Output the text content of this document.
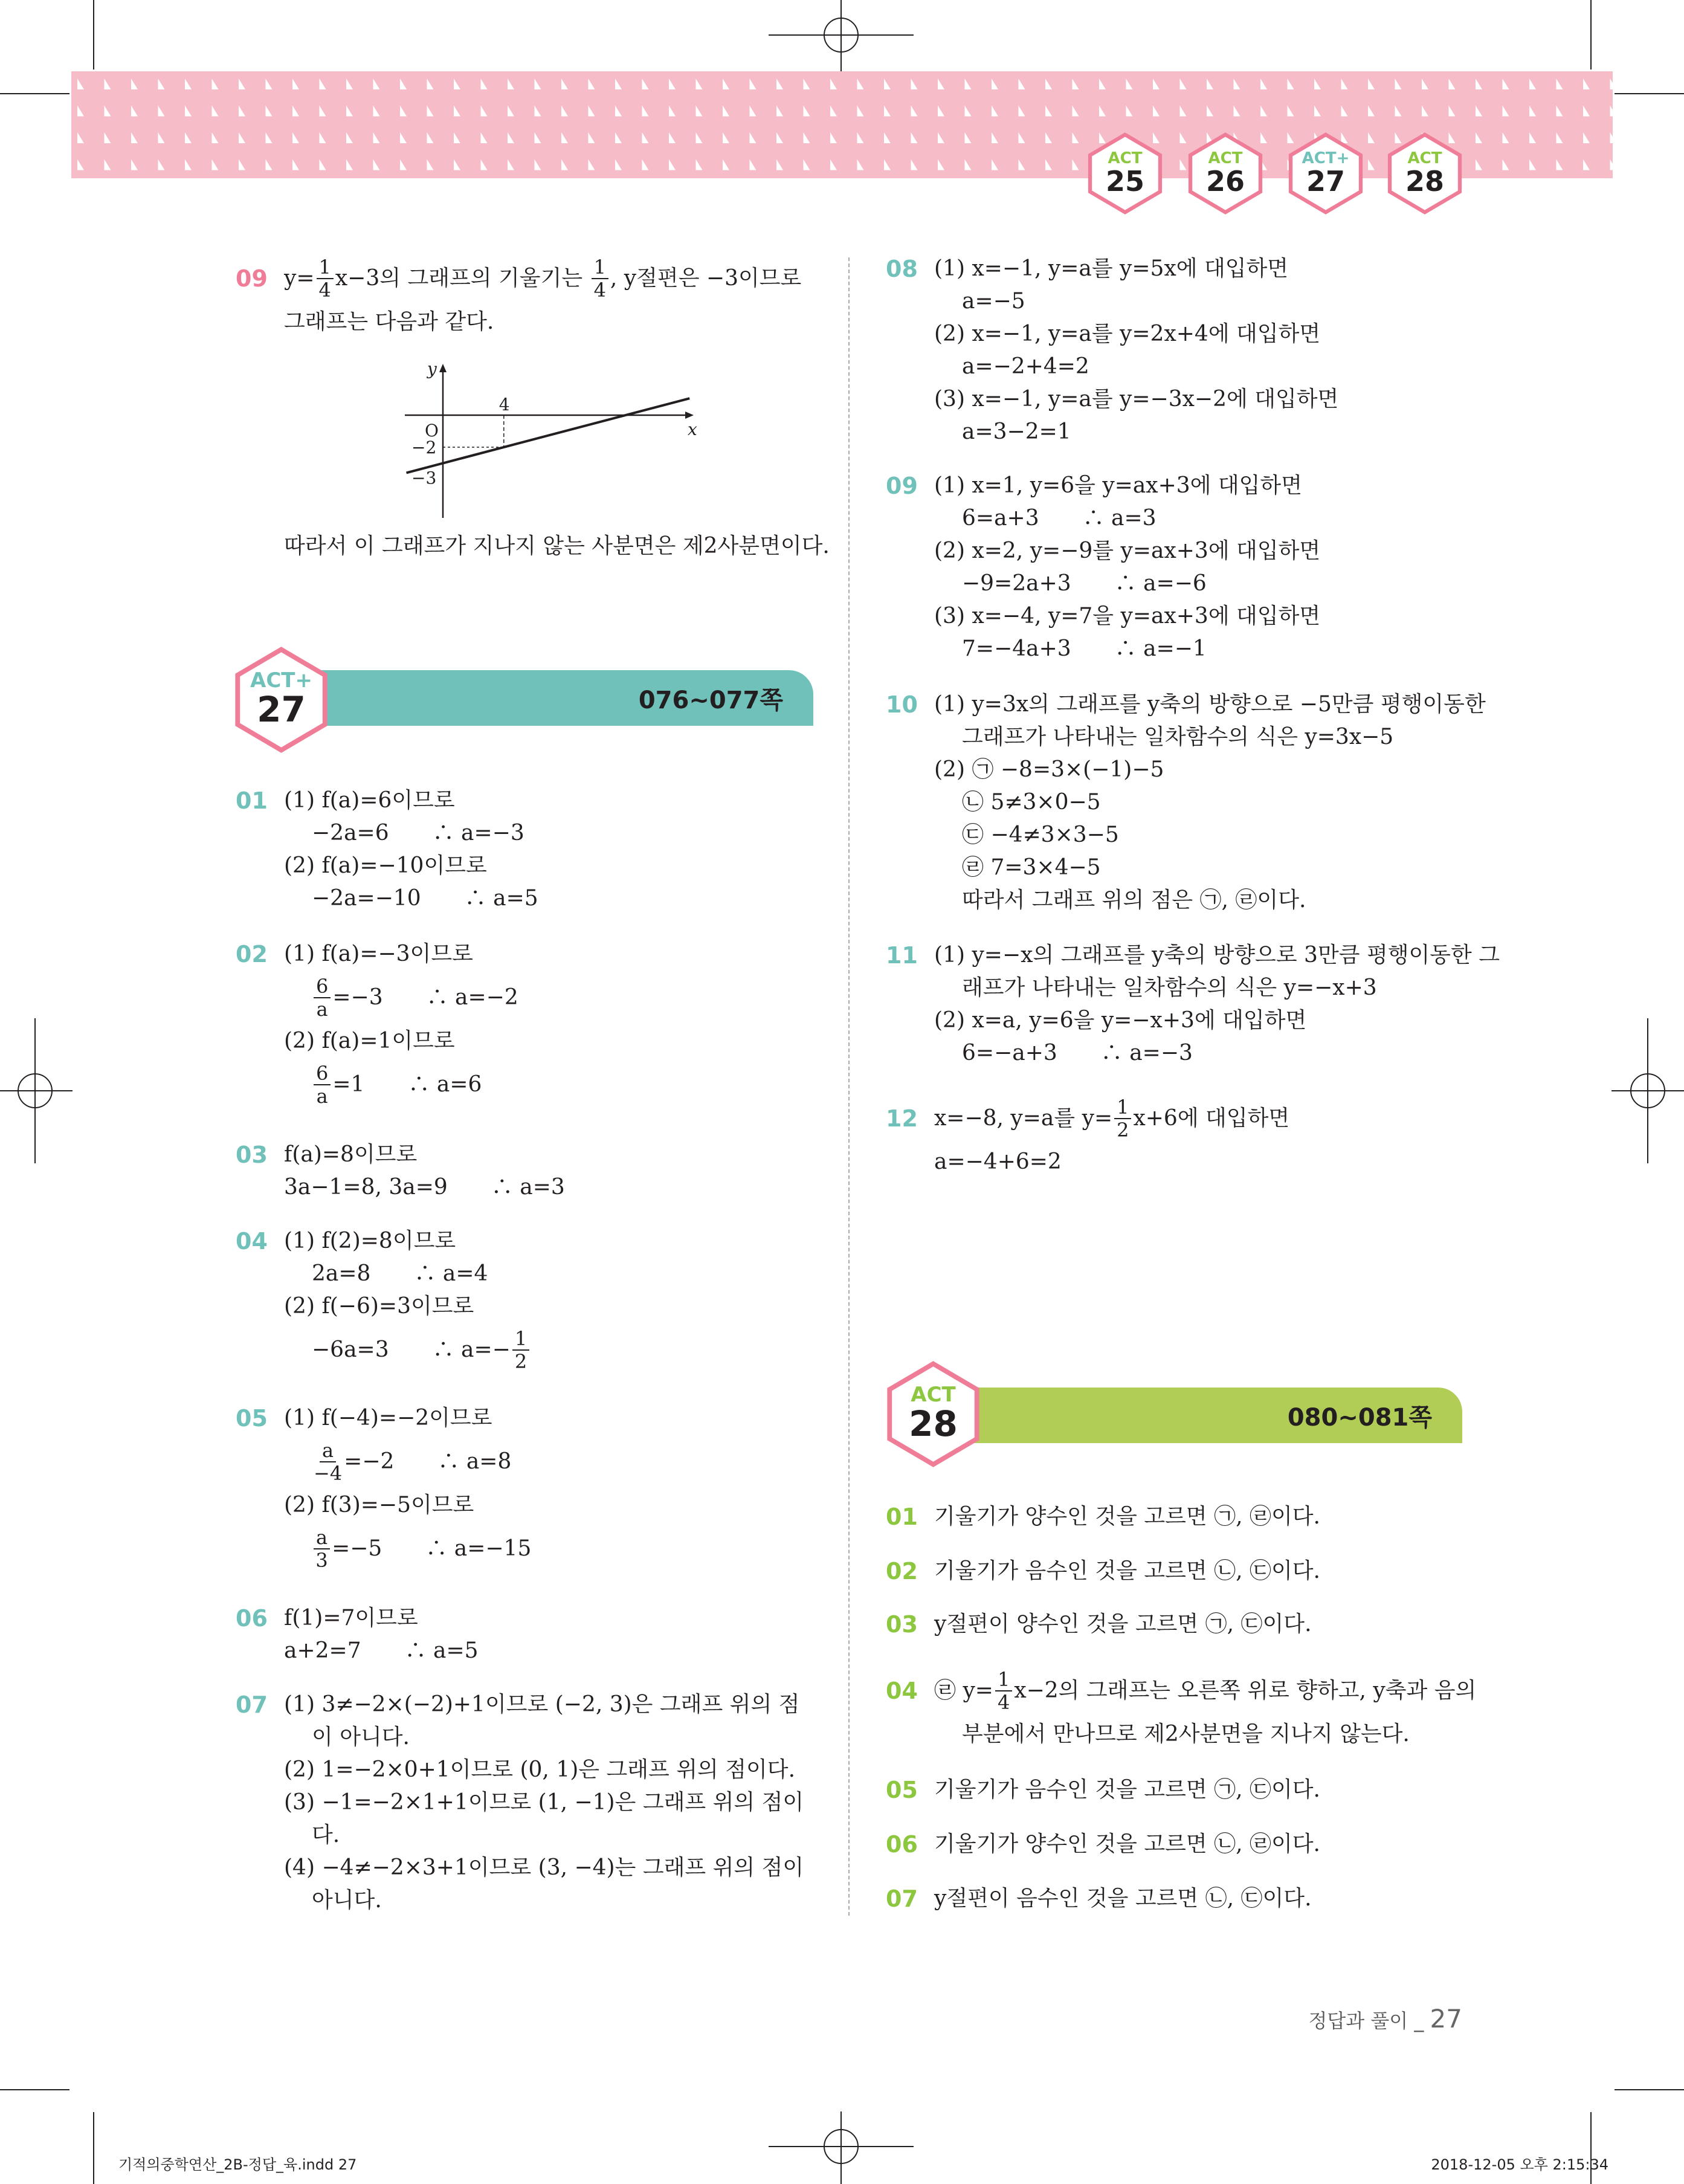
ACT
25
ACT
26
ACT+
27
ACT
28
09 $y= \frac{1}{4} x-3$의 그래프의 기울기는 $\frac{1}{4}$ , y절편은 −3이므로
그래프는 다음과 같다.
y
x
O
4
−2
−3
따라서 이 그래프가 지나지 않는 사분면은 제2사분면이다.
ACT+
27	076~077쪽
01 (1) f(a)=6이므로
−2a=6　　∴ a=−3
(2) f(a)=−10이므로
−2a=−10　　∴ a=5
02 (1) f(a)=−3이므로
$\frac{6}{a} =-3$　　∴ a=−2
(2) f(a)=1이므로
$\frac{6}{a} =1$　　∴ a=6
03 f(a)=8이므로
3a−1=8, 3a=9　　∴ a=3
04 (1) f(2)=8이므로
2a=8　　∴ a=4
(2) f(−6)=3이므로
−6a=3　　∴ $a=- \frac{1}{2}$
05 (1) f(−4)=−2이므로
$\frac{a}{-4} =-2$　　∴ a=8
(2) f(3)=−5이므로
$\frac{a}{3} =-5$　　∴ a=−15
06 f(1)=7이므로
a+2=7　　∴ a=5
07 (1) 3≠−2×(−2)+1이므로 (−2, 3)은 그래프 위의 점
이 아니다.
(2) 1=−2×0+1이므로 (0, 1)은 그래프 위의 점이다.
(3) −1=−2×1+1이므로 (1, −1)은 그래프 위의 점이
다.
(4) −4≠−2×3+1이므로 (3, −4)는 그래프 위의 점이
아니다.
08 (1) x=−1, y=a를 y=5x에 대입하면
a=−5
(2) x=−1, y=a를 y=2x+4에 대입하면
a=−2+4=2
(3) x=−1, y=a를 y=−3x−2에 대입하면
a=3−2=1
09 (1) x=1, y=6을 y=ax+3에 대입하면
6=a+3　　∴ a=3
(2) x=2, y=−9를 y=ax+3에 대입하면
−9=2a+3　　∴ a=−6
(3) x=−4, y=7을 y=ax+3에 대입하면
7=−4a+3　　∴ a=−1
10 (1) y=3x의 그래프를 y축의 방향으로 −5만큼 평행이동한
그래프가 나타내는 일차함수의 식은 y=3x−5
(2) ㉠ −8=3×(−1)−5
㉡ 5≠3×0−5
㉢ −4≠3×3−5
㉣ 7=3×4−5
따라서 그래프 위의 점은 ㉠, ㉣이다.
11 (1) y=−x의 그래프를 y축의 방향으로 3만큼 평행이동한 그
래프가 나타내는 일차함수의 식은 y=−x+3
(2) x=a, y=6을 y=−x+3에 대입하면
6=−a+3　　∴ a=−3
12 x=−8, y=a를 $y= \frac{1}{2} x+6$에 대입하면
a=−4+6=2
ACT
28	080~081쪽
01 기울기가 양수인 것을 고르면 ㉠, ㉣이다.
02 기울기가 음수인 것을 고르면 ㉡, ㉢이다.
03 y절편이 양수인 것을 고르면 ㉠, ㉢이다.
04 ㉣ $y= \frac{1}{4} x-2$의 그래프는 오른쪽 위로 향하고, y축과 음의
부분에서 만나므로 제2사분면을 지나지 않는다.
05 기울기가 음수인 것을 고르면 ㉠, ㉢이다.
06 기울기가 양수인 것을 고르면 ㉡, ㉣이다.
07 y절편이 음수인 것을 고르면 ㉡, ㉢이다.
정답과 풀이 _ 27
기적의중학연산_2B-정답_육.indd 27	2018-12-05 오후 2:15:34
